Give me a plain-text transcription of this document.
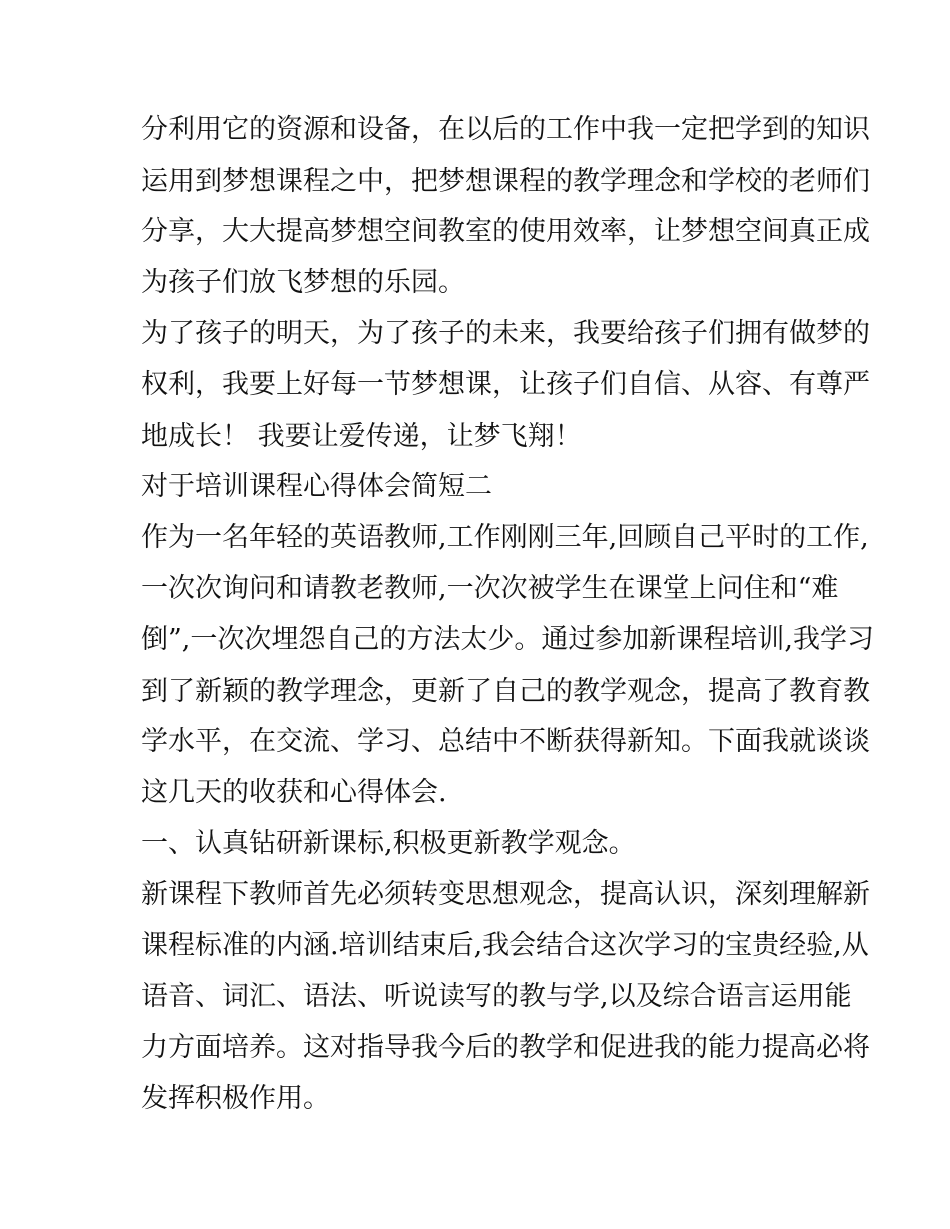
分利用它的资源和设备，在以后的工作中我一定把学到的知识

运用到梦想课程之中，把梦想课程的教学理念和学校的老师们

分享，大大提高梦想空间教室的使用效率，让梦想空间真正成

为孩子们放飞梦想的乐园。

为了孩子的明天，为了孩子的未来，我要给孩子们拥有做梦的

权利，我要上好每一节梦想课，让孩子们自信、从容、有尊严

地成长！ 我要让爱传递，让梦飞翔！

对于培训课程心得体会简短二

作为一名年轻的英语教师,工作刚刚三年,回顾自己平时的工作,

一次次询问和请教老教师,一次次被学生在课堂上问住和“难

倒”,一次次埋怨自己的方法太少。通过参加新课程培训,我学习

到了新颖的教学理念，更新了自己的教学观念，提高了教育教

学水平，在交流、学习、总结中不断获得新知。下面我就谈谈

这几天的收获和心得体会.

一、认真钻研新课标,积极更新教学观念。

新课程下教师首先必须转变思想观念，提高认识，深刻理解新

课程标准的内涵.培训结束后,我会结合这次学习的宝贵经验,从

语音、词汇、语法、听说读写的教与学,以及综合语言运用能

力方面培养。这对指导我今后的教学和促进我的能力提高必将

发挥积极作用。
